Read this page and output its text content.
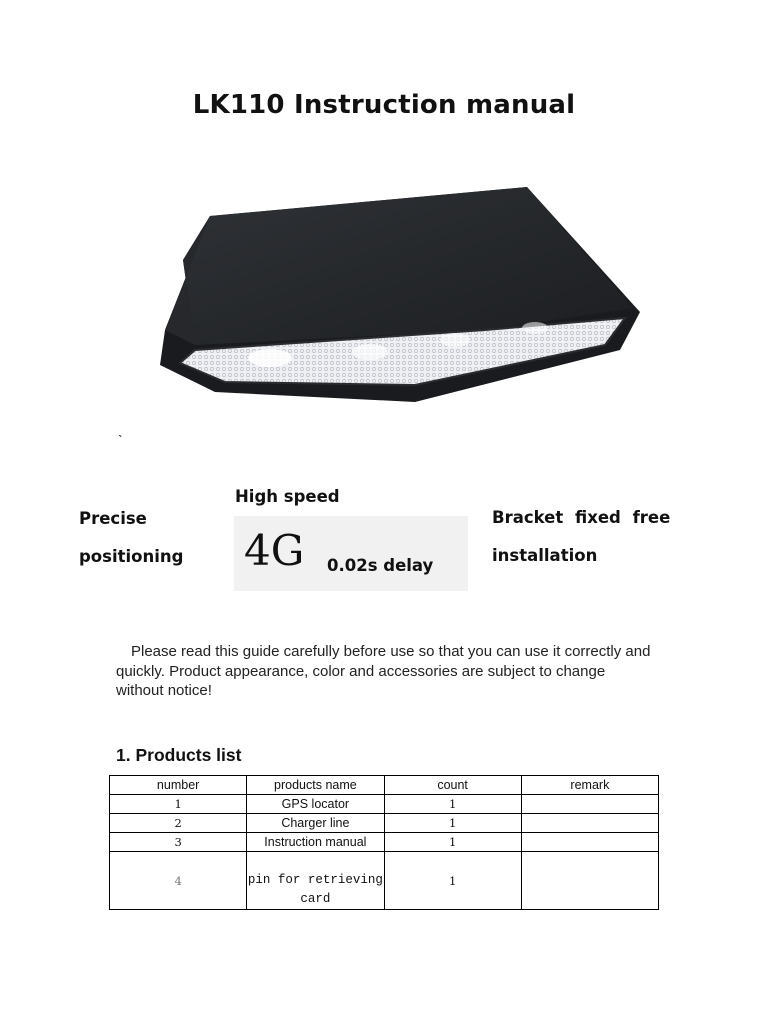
LK110 Instruction manual
`
High speed
Precise
positioning 4G 0.02s delay
Bracket fixed free
installation
Please read this guide carefully before use so that you can use it correctly and quickly. Product appearance, color and accessories are subject to change without notice!
1. Products list
number	products name	count	remark
1	GPS locator	1	
2	Charger line	1	
3	Instruction manual	1	
4	pin for retrieving card	1	
